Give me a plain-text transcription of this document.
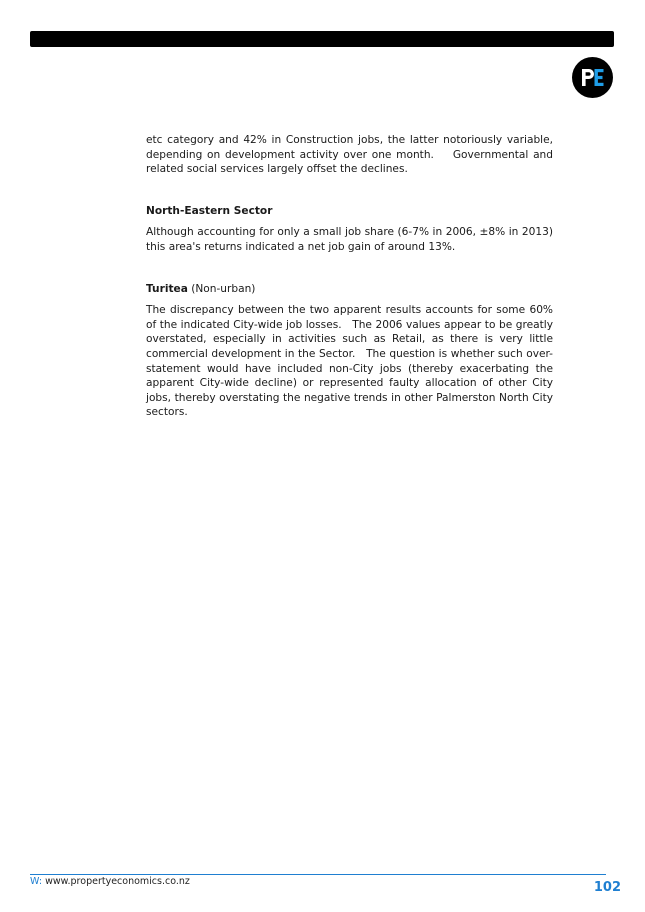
etc category and 42% in Construction jobs, the latter notoriously variable, depending on development activity over one month.    Governmental and related social services largely offset the declines.

North-Eastern Sector

Although accounting for only a small job share (6-7% in 2006, ±8% in 2013) this area's returns indicated a net job gain of around 13%.

Turitea (Non-urban)

The discrepancy between the two apparent results accounts for some 60% of the indicated City-wide job losses.   The 2006 values appear to be greatly overstated, especially in activities such as Retail, as there is very little commercial development in the Sector.   The question is whether such over-statement would have included non-City jobs (thereby exacerbating the apparent City-wide decline) or represented faulty allocation of other City jobs, thereby overstating the negative trends in other Palmerston North City sectors.

W: www.propertyeconomics.co.nz	102
